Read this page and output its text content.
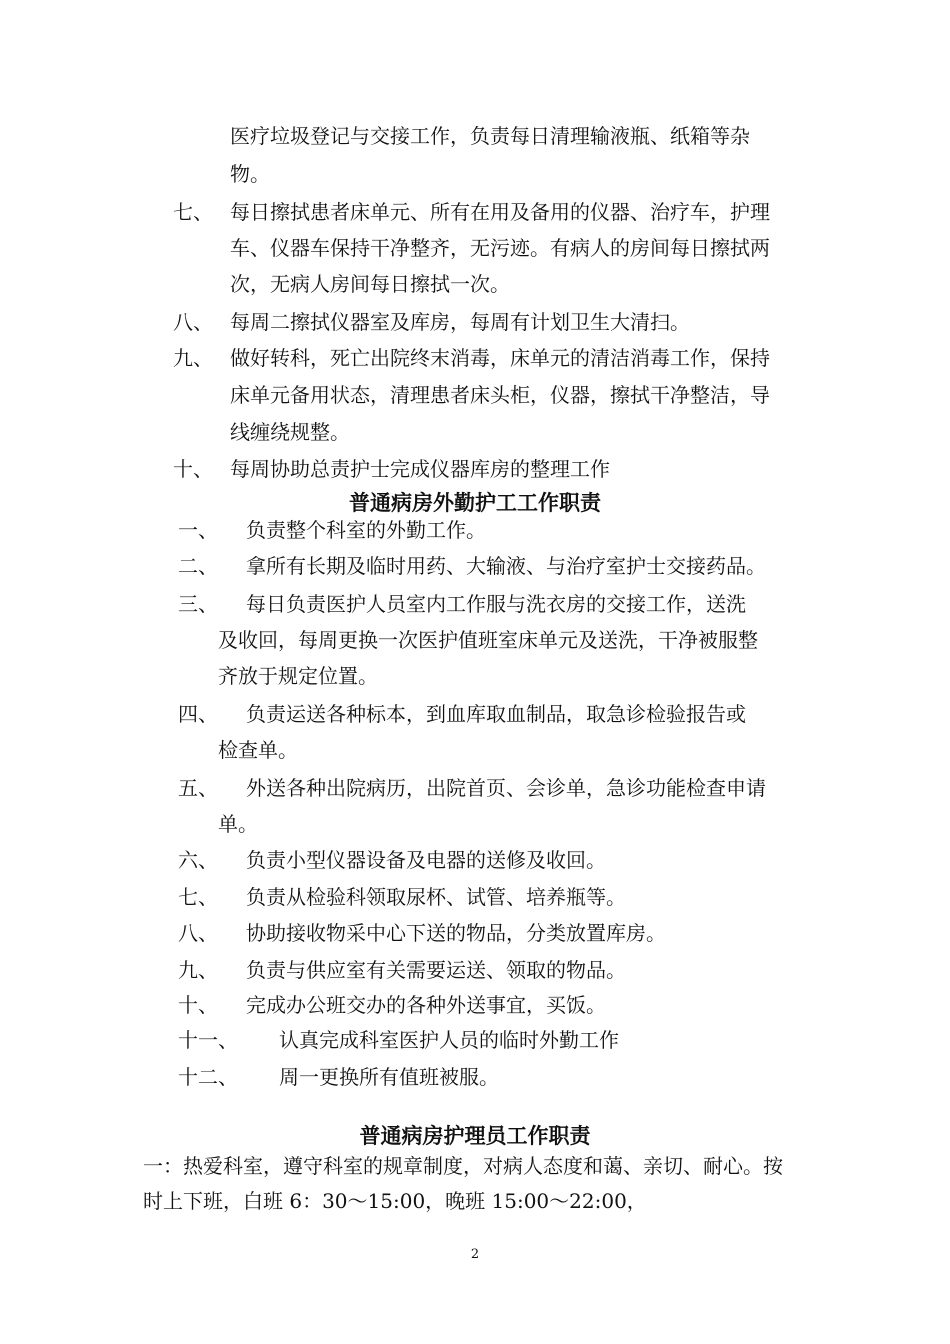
医疗垃圾登记与交接工作，负责每日清理输液瓶、纸箱等杂
物。
七、 每日擦拭患者床单元、所有在用及备用的仪器、治疗车，护理
车、仪器车保持干净整齐，无污迹。有病人的房间每日擦拭两
次，无病人房间每日擦拭一次。
八、 每周二擦拭仪器室及库房，每周有计划卫生大清扫。
九、 做好转科，死亡出院终末消毒，床单元的清洁消毒工作，保持
床单元备用状态，清理患者床头柜，仪器，擦拭干净整洁，导
线缠绕规整。
十、 每周协助总责护士完成仪器库房的整理工作
普通病房外勤护工工作职责
一、 负责整个科室的外勤工作。
二、 拿所有长期及临时用药、大输液、与治疗室护士交接药品。
三、 每日负责医护人员室内工作服与洗衣房的交接工作，送洗
及收回，每周更换一次医护值班室床单元及送洗，干净被服整
齐放于规定位置。
四、 负责运送各种标本，到血库取血制品，取急诊检验报告或
检查单。
五、 外送各种出院病历，出院首页、会诊单，急诊功能检查申请
单。
六、 负责小型仪器设备及电器的送修及收回。
七、 负责从检验科领取尿杯、试管、培养瓶等。
八、 协助接收物采中心下送的物品，分类放置库房。
九、 负责与供应室有关需要运送、领取的物品。
十、 完成办公班交办的各种外送事宜，买饭。
十一、 认真完成科室医护人员的临时外勤工作
十二、 周一更换所有值班被服。
普通病房护理员工作职责
一：热爱科室，遵守科室的规章制度，对病人态度和蔼、亲切、耐心。按
时上下班，白班 6：30～15:00，晚班 15:00～22:00，
2
